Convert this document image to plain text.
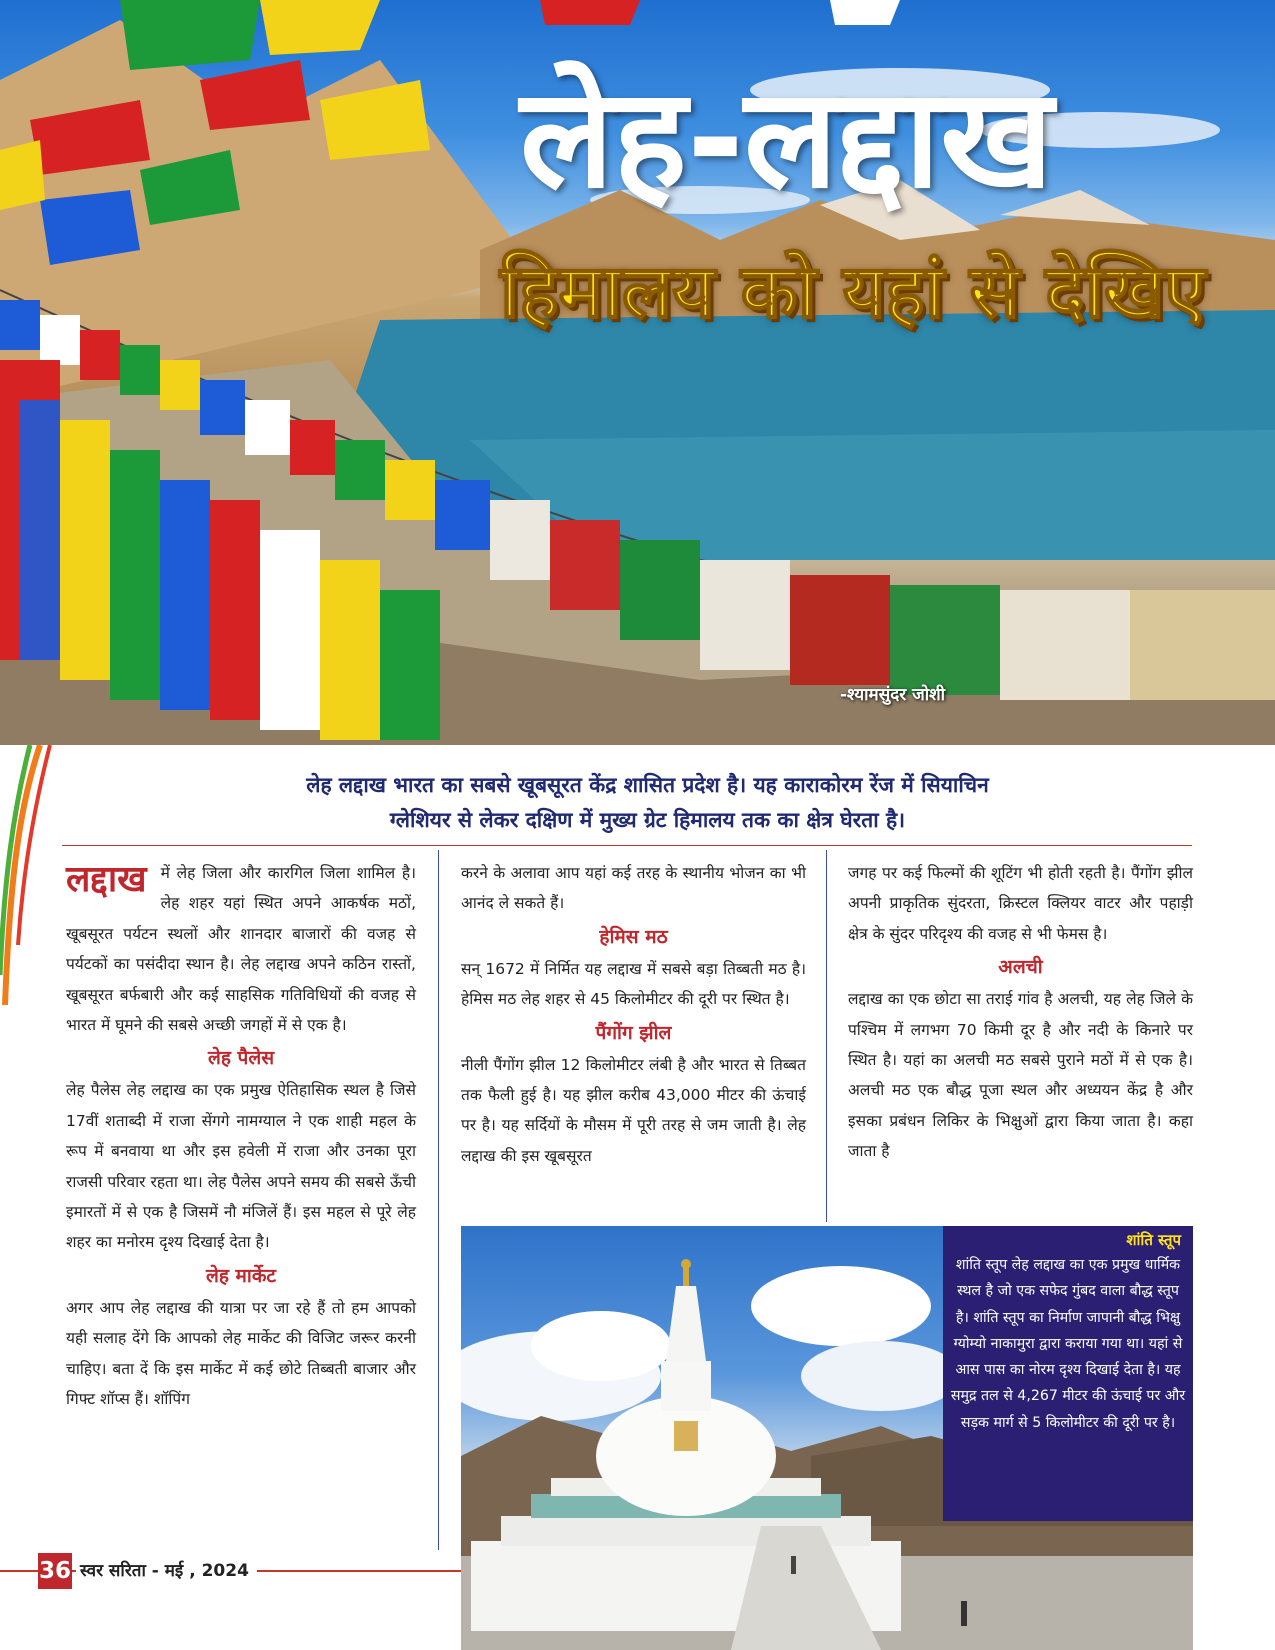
लेह-लद्दाख
हिमालय को यहां से देखिए
-श्यामसुंदर जोशी
लेह लद्दाख भारत का सबसे खूबसूरत केंद्र शासित प्रदेश है। यह काराकोरम रेंज में सियाचिन
ग्लेशियर से लेकर दक्षिण में मुख्य ग्रेट हिमालय तक का क्षेत्र घेरता है।
लद्दाख में लेह जिला और कारगिल जिला शामिल है। लेह शहर यहां स्थित अपने आकर्षक मठों, खूबसूरत पर्यटन स्थलों और शानदार बाजारों की वजह से पर्यटकों का पसंदीदा स्थान है। लेह लद्दाख अपने कठिन रास्तों, खूबसूरत बर्फबारी और कई साहसिक गतिविधियों की वजह से भारत में घूमने की सबसे अच्छी जगहों में से एक है।

लेह पैलेस

लेह पैलेस लेह लद्दाख का एक प्रमुख ऐतिहासिक स्थल है जिसे 17वीं शताब्दी में राजा सेंगगे नामग्याल ने एक शाही महल के रूप में बनवाया था और इस हवेली में राजा और उनका पूरा राजसी परिवार रहता था। लेह पैलेस अपने समय की सबसे ऊँची इमारतों में से एक है जिसमें नौ मंजिलें हैं। इस महल से पूरे लेह शहर का मनोरम दृश्य दिखाई देता है।

लेह मार्केट

अगर आप लेह लद्दाख की यात्रा पर जा रहे हैं तो हम आपको यही सलाह देंगे कि आपको लेह मार्केट की विजिट जरूर करनी चाहिए। बता दें कि इस मार्केट में कई छोटे तिब्बती बाजार और गिफ्ट शॉप्स हैं। शॉपिंग

करने के अलावा आप यहां कई तरह के स्थानीय भोजन का भी आनंद ले सकते हैं।

हेमिस मठ

सन् 1672 में निर्मित यह लद्दाख में सबसे बड़ा तिब्बती मठ है। हेमिस मठ लेह शहर से 45 किलोमीटर की दूरी पर स्थित है।

पैंगोंग झील

नीली पैंगोंग झील 12 किलोमीटर लंबी है और भारत से तिब्बत तक फैली हुई है। यह झील करीब 43,000 मीटर की ऊंचाई पर है। यह सर्दियों के मौसम में पूरी तरह से जम जाती है। लेह लद्दाख की इस खूबसूरत

जगह पर कई फिल्मों की शूटिंग भी होती रहती है। पैंगोंग झील अपनी प्राकृतिक सुंदरता, क्रिस्टल क्लियर वाटर और पहाड़ी क्षेत्र के सुंदर परिदृश्य की वजह से भी फेमस है।

अलची

लद्दाख का एक छोटा सा तराई गांव है अलची, यह लेह जिले के पश्चिम में लगभग 70 किमी दूर है और नदी के किनारे पर स्थित है। यहां का अलची मठ सबसे पुराने मठों में से एक है। अलची मठ एक बौद्ध पूजा स्थल और अध्ययन केंद्र है और इसका प्रबंधन लिकिर के भिक्षुओं द्वारा किया जाता है। कहा जाता है

शांति स्तूप
शांति स्तूप लेह लद्दाख का एक प्रमुख धार्मिक स्थल है जो एक सफेद गुंबद वाला बौद्ध स्तूप है। शांति स्तूप का निर्माण जापानी बौद्ध भिक्षु ग्योम्यो नाकामुरा द्वारा कराया गया था। यहां से आस पास का नोरम दृश्य दिखाई देता है। यह समुद्र तल से 4,267 मीटर की ऊंचाई पर और सड़क मार्ग से 5 किलोमीटर की दूरी पर है।
36 स्वर सरिता - मई , 2024
